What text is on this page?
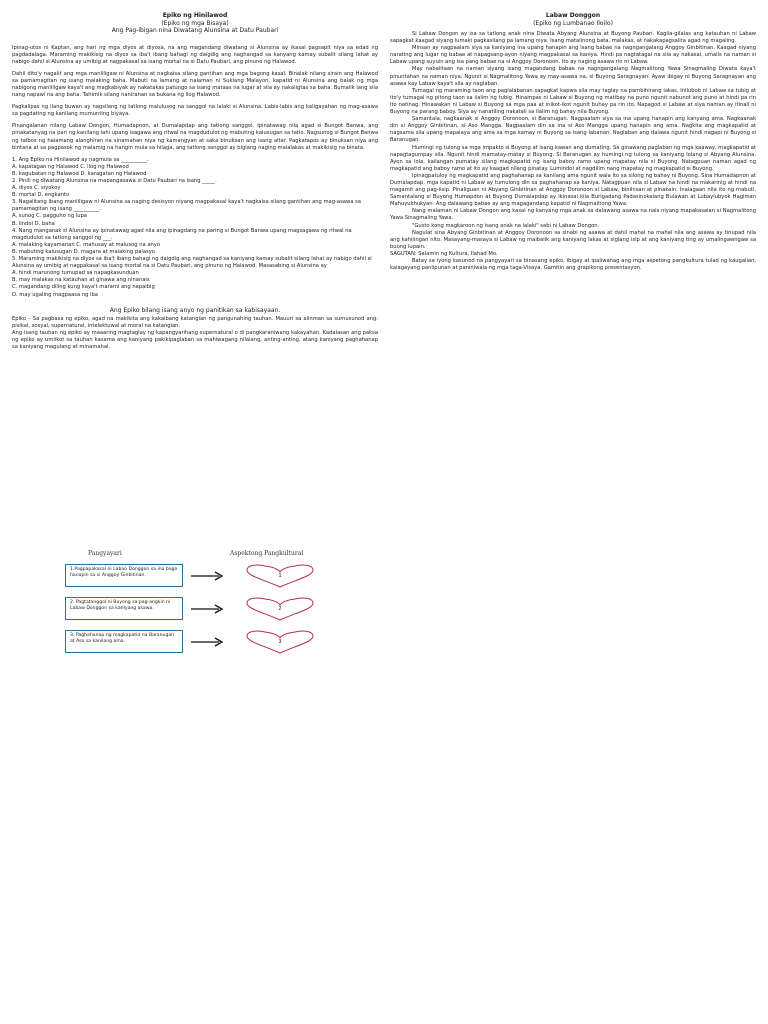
Epiko ng Hinilawod
(Epiko ng mga Bisaya)
Ang Pag-ibigan nina Diwatang Alunsina at Datu Paubari

Ipinag-utos ni Kaptan, ang hari ng mga diyos at diyosa, na ang magandang diwatang si Alunsina ay ikasal pagsapit niya sa edad ng pagdadalaga. Maraming makikisig na diyos sa iba't ibang bahagi ng daigdig ang naghangad sa kanyang kamay subalit silang lahat ay nabigo dahil si Alunsina ay umibig at nagpakasal sa isang mortal na si Datu Paubari, ang pinuno ng Halawod.

Dahil dito'y nagalit ang mga manliligaw ni Alunsina at nagkaisa silang gantihan ang mga bagong kasal. Binalak nilang sirain ang Halawod sa pamamagitan ng isang malaking baha. Mabuti na lamang at nalaman ni Suklang Malayon, kapatid ni Alunsina ang balak ng mga nabigong manliligaw kaya't ang magkabiyak ay nakatakas patungo sa isang mataas na lugar at sila ay nakaligtas sa baha. Bumalik lang sila nang napawi na ang baha. Tahimik silang nanirahan sa bukana ng ilog Halawod.

Pagkalipas ng ilang buwan ay nagsilang ng tatlong malulusog na sanggol na lalaki si Alunsina. Labis-labis ang kaligayahan ng mag-asawa sa pagdating ng kanilang mumunting biyaya.

Pinangalanan nilang Labaw Dongon, Humadapnon, at Dumalapdap ang tatlong sanggol. Ipinatawag nila agad si Bungot Banwa, ang pinakatanyag na pari ng kanilang lahi upang isagawa ang ritwal na magdudulot ng mabuting kalusugan sa tatlo. Nagsunog si Bungot Banwa ng talbos ng halamang alanghiran na sinamahan niya ng kamangyan at saka binuksan ang isang altar. Pagkatapos ay binuksan niya ang bintana at sa pagpasok ng malamig na hangin mula sa hilaga, ang tatlong sanggol ay biglang naging malalakas at makikisig na binata.

1. Ang Epiko na Hinilawod ay nagmula sa __________.
A. kapatagan ng Halawod C. ilog ng Halawod
B. kagubatan ng Halawod D. karagatan ng Halawod
2. Pinili ng diwatang Alunsina na mapangasawa si Datu Paubari na isang _____.
A. diyos C. siyokoy
B. mortal D. engkanto
3. Nagalitang ibang manliligaw ni Alunsina sa naging desisyon niyang magpakasal kaya't nagkaisa silang gantihan ang mag-asawa sa pamamagitan ng isang __________.
A. sunog C. pagguho ng lupa
B. lindol D. baha
4. Nang manganak si Alunsina ay ipinatawag agad nila ang ipinagdang na paring si Bungot Banwa upang magsagawa ng ritwal na magdudulot sa tatlong sanggol ng ___.
A. malaking kayamanan C. mahusay at malusog na anyo
B. mabuting kalusugan D. magara at malaking palasyo
5. Maraming makikisig na diyos sa iba't ibang bahagi ng daigdig ang naghangad sa kaniyang kamay subalit silang lahat ay nabigo dahil si Alunsina ay umibig at nagpakasal sa isang mortal na si Datu Paubari, ang pinuno ng Halawod. Masasabing si Alunsina ay
A. hindi marunong tumupad sa napagkasunduan
B. may malakas na katauhan at ginawa ang ninanais
C. magandang diling kung kaya't marami ang napaibig
D. may ugaling magpaasa ng iba
Ang Epiko bilang isang anyo ng panitikan sa kabisayaan.

Epiko – Sa pagbasa ng epiko, agad na makikita ang kakaibang katangian ng pangunahing tauhan. Mauuri sa alinman sa sumusunod ang: pisikal, sosyal, supernatural, intelektuwal at moral na katangian.

Ang isang tauhan ng epiko ay maaaring magtaglay ng kapangyarihang supernatural o di pangkaraniwang kakayahan. Kadalasan ang paksa ng epiko ay umiikot sa tauhan kasama ang kaniyang pakikipaglaban sa mahiwagang nilalang, anting-anting, atang kaniyang paghahanap sa kaniyang magulang at minamahal.

Pangyayari	Aspektong Pangkultural
1.Pagpapakasal ni Labao Donggon sa ina bago hanapin sa si Anggoy Ginbitinan.
2. Pagtatanggol ni Buyong sa pag-angkin ni Labaw Donggon sa kaniyang asawa.
3. Paghahanap ng magkapatid na Baranugan at Aso sa kanilang ama.
1
2
3
Labaw Donggon
(Epiko ng Lumbanao Iloilo)

Si Labaw Dongon ay isa sa tatlong anak nina Diwata Abyang Alunsina at Buyong Paubari. Kagila-gilalas ang katauhan ni Labaw sapagkat kaagad siyang lumaki pagkasilang pa lamang niya. Isang matalinong bata, malakas, at nakakapagsalita agad ng magaling.

Minsan ay nagpaalam siya sa kaniyang ina upang hanapin ang isang babae na nagngangalang Anggoy Ginbitinan. Kaagad niyang narating ang lugar ng babae at napagsang-ayon niyang magpakasal sa kaniya. Hindi pa nagtatagal na sila ay nakasal, umalis na naman si Labaw upang suyuin ang isa pang babae na si Anggoy Doronoon. Ito ay naging asawa rin ni Labaw.

May nabalitaan na naman siyang isang magandang babae na nagngangalang Nagmalitong Yawa Sinagmaling Diwata kaya't pinuntahan na naman niya. Ngunit si Nagmalitong Yawa ay may-asawa na, si Buyong Saragnayan. Ayaw ibigay ni Buyong Saragnayan ang asawa kay Labaw kaya't sila ay naglaban.

Tumagal ng maraming taon ang paglalabanan sapagkat kapwa sila may taglay na pambihirang lakas. Inilubob ni Labaw sa tubig at ito'y tumagal ng pitong taon sa ilalim ng tubig. Hinampas ni Labaw si Buyong ng matibay na puno ngunit nabunot ang puno at hindi pa rin ito natinag. Hinawakan ni Labaw si Buyong sa mga paa at inikot-ikot ngunit buhay pa rin ito. Napagod si Labaw at siya naman ay itinali ni Buyong na parang baboy. Siya ay nanatiling nakatali sa ilalim ng bahay nila Buyong.

Samantala, nagkaanak si Anggoy Doronoon, si Baranugan. Nagpaalam siya sa ina upang hanapin ang kanyang ama. Nagkaanak din si Anggoy Ginbitinan, si Aso Mangga. Nagpaalam din sa ina si Aso Mangga upang hanapin ang ama. Nagkita ang magkapatid at nagsama sila upang mapalaya ang ama sa mga kamay ni Buyong sa isang labanan. Naglaban ang dalawa ngunit hindi nagapi ni Buyong si Baranugan.

Humingi ng tulong sa mga impakto si Buyong at isang kawan ang dumating. Sa ginawang paglaban ng mga kaaway, magkapatid at napagtagumpay sila. Ngunit hindi mamatay-matay si Buyong. Si Baranugan ay humingi ng tulong sa kaniyang lolang si Abyang Alunsina. Ayon sa lola, kailangan pumatay silang magkapatid ng isang baboy ramo upang mapatay nila si Buyong. Natagpuan naman agad ng magkapatid ang baboy ramo at ito ay kaagad nilang pinatay. Lumindol at nagdilim nang mapatay ng magkapatid si Buyong.

Ipinagpatuloy ng magkapatid ang paghahanap sa kanilang ama ngunit wala ito sa silong ng bahay ni Buyong. Sina Humadapnon at Dumalapdap, mga kapatid ni Labaw ay tumulong din sa paghahanap sa kaniya. Natagpuan nila si Labaw na hindi na makarinig at hindi na magamit ang pag-iisip. Pinaliguan ni Abyang Ginbitinan at Anggoy Doronoon si Labaw, binihisan at pinakain. Inalagaan nila ito ng mabuti. Samantalang si Buyong Humapdon at Buyong Dumalapdap ay ikinasal kila Burigadang Padasinokalang Bulawan at Lubaylubyok Hagiman Mahuyukhukyan. Ang dalawang babae ay ang magagandang kapatid ni Nagmalitong Yawa.

Nang malaman ni Labaw Dongon ang kasal ng kanyang mga anak sa dalawang asawa na nais niyang mapakasalan si Nagmalitong Yawa Sinagmaling Yawa.

"Gusto kong magkaroon ng isang anak na lalaki" sabi ni Labaw Dongon.

Nagulat sina Abyang Ginbitinan at Anggoy Doronoon sa sinabi ng asawa at dahil mahal na mahal nila ang asawa ay tinupad nila ang kahilingan nito. Masayang-masaya si Labaw ng maibalik ang kaniyang lakas at siglang isip at ang kaniyang ting ay umalingawngaw sa buong lupain.

SAGUTAN: Salamin ng Kultura, Ilahad Mo.

Batay sa iyong kasunod na pangyayari sa binasang epiko, ibigay at ipaliwanag ang mga aspetong pangkultura tulad ng kaugalian, kalagayang panlipunan at paniniwala ng mga taga-Visaya. Gamitin ang grapikong presentasyon.
